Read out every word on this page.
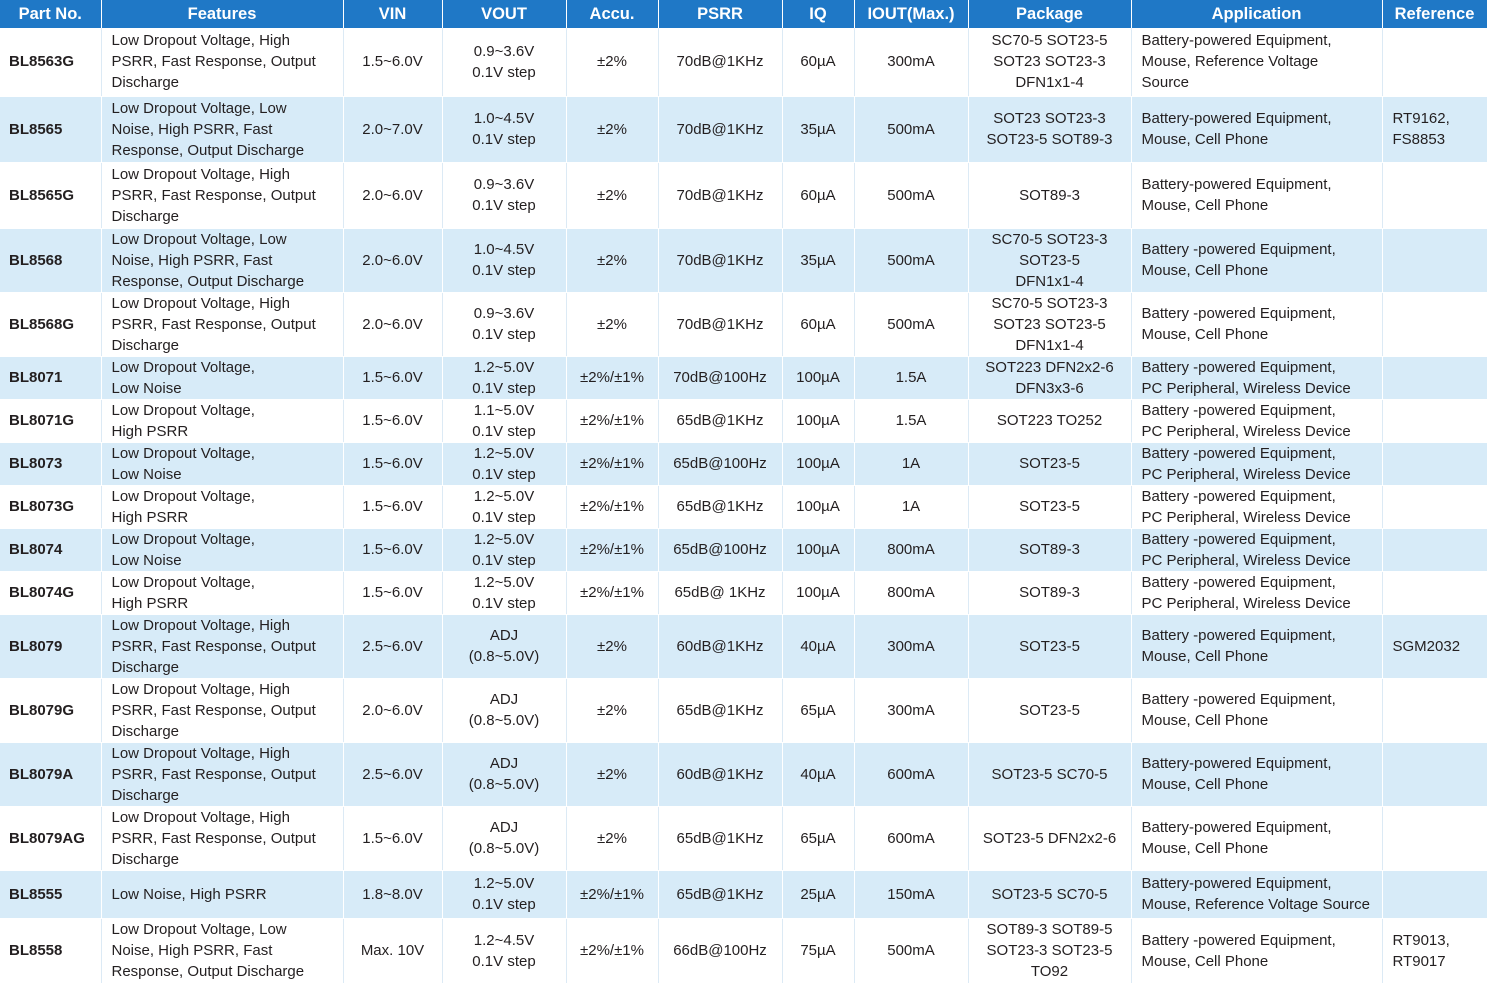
Part No.	Features	VIN	VOUT	Accu.	PSRR	IQ	IOUT(Max.)	Package	Application	Reference
BL8563G	Low Dropout Voltage, High
PSRR, Fast Response, Output
Discharge	1.5~6.0V	0.9~3.6V
0.1V step	±2%	70dB@1KHz	60µA	300mA	SC70-5 SOT23-5
SOT23 SOT23-3
DFN1x1-4	Battery-powered Equipment,
Mouse, Reference Voltage
Source	
BL8565	Low Dropout Voltage, Low
Noise, High PSRR, Fast
Response, Output Discharge	2.0~7.0V	1.0~4.5V
0.1V step	±2%	70dB@1KHz	35µA	500mA	SOT23 SOT23-3
SOT23-5 SOT89-3	Battery-powered Equipment,
Mouse, Cell Phone	RT9162,
FS8853
BL8565G	Low Dropout Voltage, High
PSRR, Fast Response, Output
Discharge	2.0~6.0V	0.9~3.6V
0.1V step	±2%	70dB@1KHz	60µA	500mA	SOT89-3	Battery-powered Equipment,
Mouse, Cell Phone	
BL8568	Low Dropout Voltage, Low
Noise, High PSRR, Fast
Response, Output Discharge	2.0~6.0V	1.0~4.5V
0.1V step	±2%	70dB@1KHz	35µA	500mA	SC70-5 SOT23-3
SOT23-5
DFN1x1-4	Battery -powered Equipment,
Mouse, Cell Phone	
BL8568G	Low Dropout Voltage, High
PSRR, Fast Response, Output
Discharge	2.0~6.0V	0.9~3.6V
0.1V step	±2%	70dB@1KHz	60µA	500mA	SC70-5 SOT23-3
SOT23 SOT23-5
DFN1x1-4	Battery -powered Equipment,
Mouse, Cell Phone	
BL8071	Low Dropout Voltage,
Low Noise	1.5~6.0V	1.2~5.0V
0.1V step	±2%/±1%	70dB@100Hz	100µA	1.5A	SOT223 DFN2x2-6
DFN3x3-6	Battery -powered Equipment,
PC Peripheral, Wireless Device	
BL8071G	Low Dropout Voltage,
High PSRR	1.5~6.0V	1.1~5.0V
0.1V step	±2%/±1%	65dB@1KHz	100µA	1.5A	SOT223 TO252	Battery -powered Equipment,
PC Peripheral, Wireless Device	
BL8073	Low Dropout Voltage,
Low Noise	1.5~6.0V	1.2~5.0V
0.1V step	±2%/±1%	65dB@100Hz	100µA	1A	SOT23-5	Battery -powered Equipment,
PC Peripheral, Wireless Device	
BL8073G	Low Dropout Voltage,
High PSRR	1.5~6.0V	1.2~5.0V
0.1V step	±2%/±1%	65dB@1KHz	100µA	1A	SOT23-5	Battery -powered Equipment,
PC Peripheral, Wireless Device	
BL8074	Low Dropout Voltage,
Low Noise	1.5~6.0V	1.2~5.0V
0.1V step	±2%/±1%	65dB@100Hz	100µA	800mA	SOT89-3	Battery -powered Equipment,
PC Peripheral, Wireless Device	
BL8074G	Low Dropout Voltage,
High PSRR	1.5~6.0V	1.2~5.0V
0.1V step	±2%/±1%	65dB@ 1KHz	100µA	800mA	SOT89-3	Battery -powered Equipment,
PC Peripheral, Wireless Device	
BL8079	Low Dropout Voltage, High
PSRR, Fast Response, Output
Discharge	2.5~6.0V	ADJ
(0.8~5.0V)	±2%	60dB@1KHz	40µA	300mA	SOT23-5	Battery -powered Equipment,
Mouse, Cell Phone	SGM2032
BL8079G	Low Dropout Voltage, High
PSRR, Fast Response, Output
Discharge	2.0~6.0V	ADJ
(0.8~5.0V)	±2%	65dB@1KHz	65µA	300mA	SOT23-5	Battery -powered Equipment,
Mouse, Cell Phone	
BL8079A	Low Dropout Voltage, High
PSRR, Fast Response, Output
Discharge	2.5~6.0V	ADJ
(0.8~5.0V)	±2%	60dB@1KHz	40µA	600mA	SOT23-5 SC70-5	Battery-powered Equipment,
Mouse, Cell Phone	
BL8079AG	Low Dropout Voltage, High
PSRR, Fast Response, Output
Discharge	1.5~6.0V	ADJ
(0.8~5.0V)	±2%	65dB@1KHz	65µA	600mA	SOT23-5 DFN2x2-6	Battery-powered Equipment,
Mouse, Cell Phone	
BL8555	Low Noise, High PSRR	1.8~8.0V	1.2~5.0V
0.1V step	±2%/±1%	65dB@1KHz	25µA	150mA	SOT23-5 SC70-5	Battery-powered Equipment,
Mouse, Reference Voltage Source	
BL8558	Low Dropout Voltage, Low
Noise, High PSRR, Fast
Response, Output Discharge	Max. 10V	1.2~4.5V
0.1V step	±2%/±1%	66dB@100Hz	75µA	500mA	SOT89-3 SOT89-5
SOT23-3 SOT23-5
TO92	Battery -powered Equipment,
Mouse, Cell Phone	RT9013,
RT9017
